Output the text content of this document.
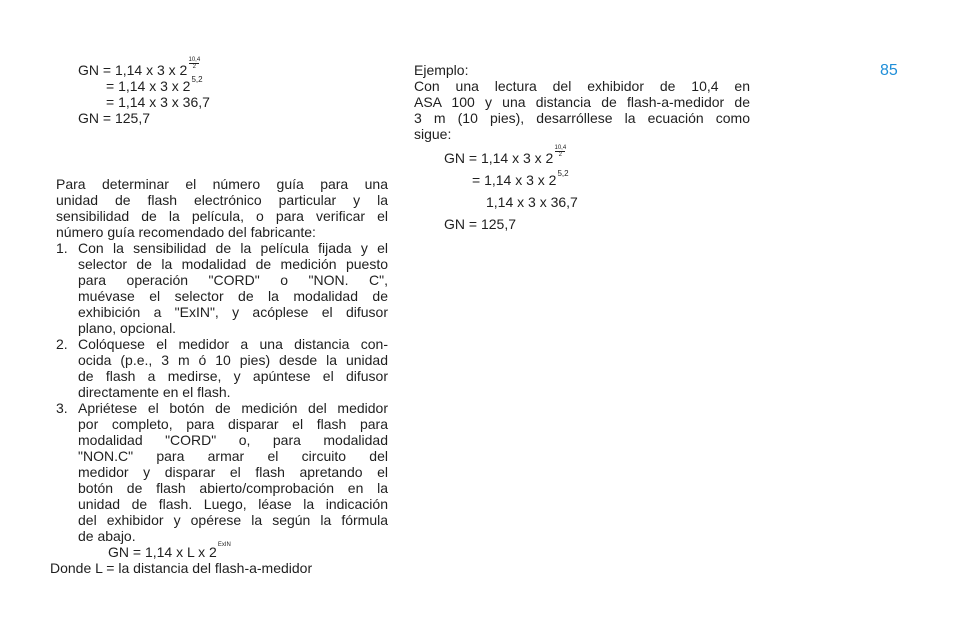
85
GN = 1,14 x 3 x $2 \frac{10,4}{2}$
= 1,14 x 3 x 25,2
= 1,14 x 3 x 36,7
GN = 125,7
Para determinar el número guía para una
unidad de flash electrónico particular y la
sensibilidad de la película, o para verificar el
número guía recomendado del fabricante:
1. Con la sensibilidad de la película fijada y el
selector de la modalidad de medición puesto
para operación "CORD" o "NON. C",
muévase el selector de la modalidad de
exhibición a "ExIN", y acóplese el difusor
plano, opcional.
2. Colóquese el medidor a una distancia con-
ocida (p.e., 3 m ó 10 pies) desde la unidad
de flash a medirse, y apúntese el difusor
directamente en el flash.
3. Apriétese el botón de medición del medidor
por completo, para disparar el flash para
modalidad "CORD" o, para modalidad
"NON.C" para armar el circuito del
medidor y disparar el flash apretando el
botón de flash abierto/comprobación en la
unidad de flash. Luego, léase la indicación
del exhibidor y opérese la según la fórmula
de abajo.
GN = 1,14 x L x 2ExIN
Donde L = la distancia del flash-a-medidor
Ejemplo:
Con una lectura del exhibidor de 10,4 en
ASA 100 y una distancia de flash-a-medidor de
3 m (10 pies), desarróllese la ecuación como
sigue:
GN = 1,14 x 3 x $2 \frac{10,4}{2}$
= 1,14 x 3 x 25,2
1,14 x 3 x 36,7
GN = 125,7
